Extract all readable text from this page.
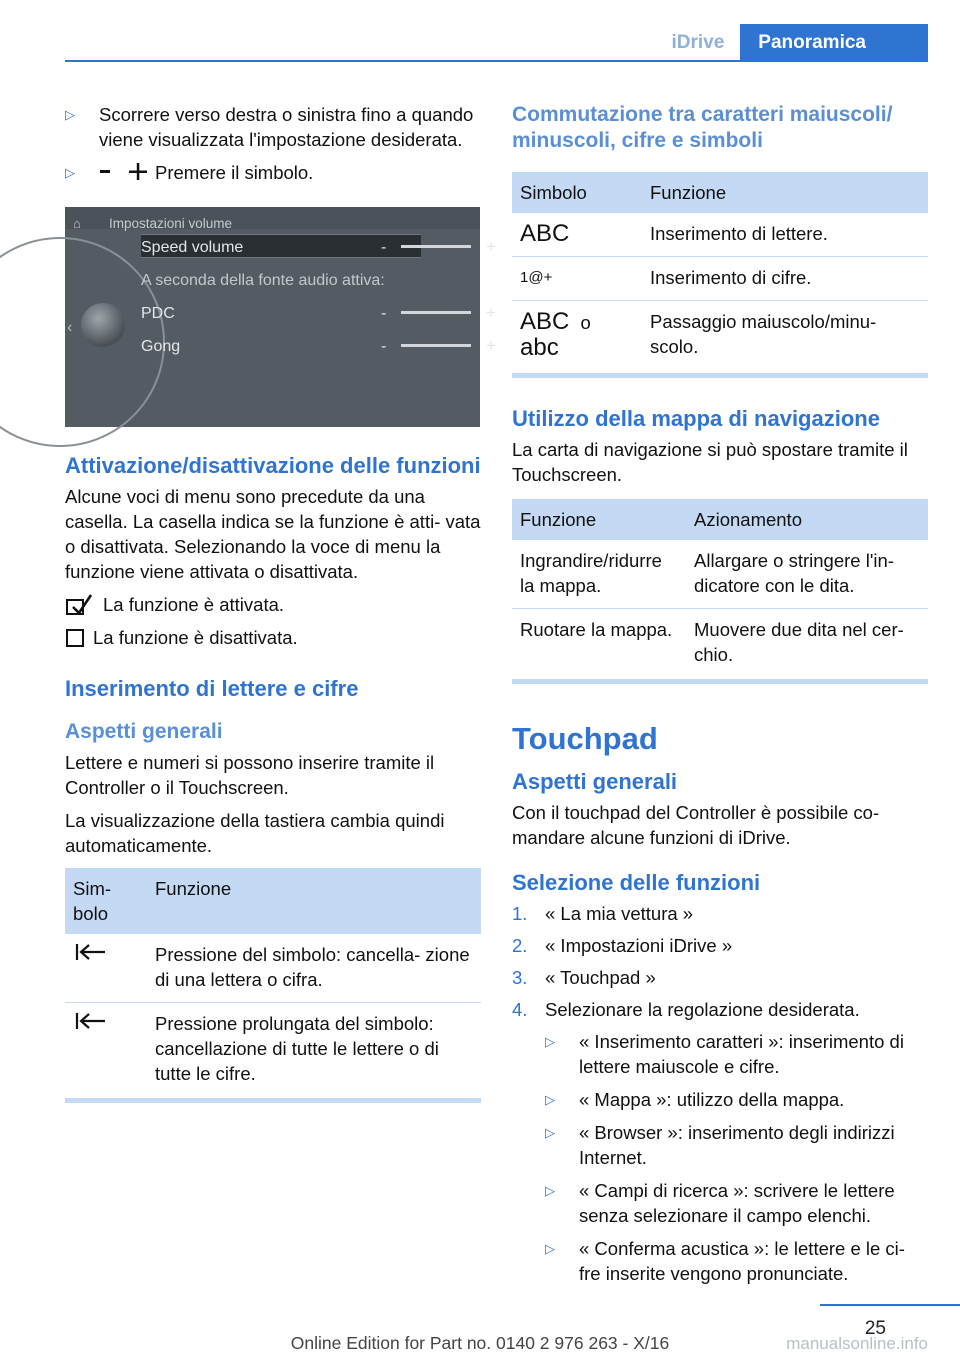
iDrive	Panoramica
▷	Scorrere verso destra o sinistra fino a quando viene visualizzata l'impostazione desiderata.
▷	Premere il simbolo.
⌂ Impostazioni volume
‹
Speed volume	-	+
A seconda della fonte audio attiva:
PDC	-	+
Gong	-	+
Attivazione/disattivazione delle funzioni

Alcune voci di menu sono precedute da una casella. La casella indica se la funzione è atti- vata o disattivata. Selezionando la voce di menu la funzione viene attivata o disattivata.

La funzione è attivata.
La funzione è disattivata.
Inserimento di lettere e cifre
Aspetti generali

Lettere e numeri si possono inserire tramite il Controller o il Touchscreen.

La visualizzazione della tastiera cambia quindi automaticamente.

Sim- bolo	Funzione
	Pressione del simbolo: cancella- zione di una lettera o cifra.
	Pressione prolungata del simbolo: cancellazione di tutte le lettere o di tutte le cifre.
Commutazione tra caratteri maiuscoli/ minuscoli, cifre e simboli
Simbolo	Funzione
ABC	Inserimento di lettere.
1@+	Inserimento di cifre.
ABC o
abc	Passaggio maiuscolo/minu- scolo.
Utilizzo della mappa di navigazione

La carta di navigazione si può spostare tramite il Touchscreen.

Funzione	Azionamento
Ingrandire/ridurre la mappa.	Allargare o stringere l'in- dicatore con le dita.
Ruotare la mappa.	Muovere due dita nel cer- chio.
Touchpad
Aspetti generali

Con il touchpad del Controller è possibile co- mandare alcune funzioni di iDrive.

Selezione delle funzioni
1. « La mia vettura »
2. « Impostazioni iDrive »
3. « Touchpad »
4. Selezionare la regolazione desiderata.
▷	« Inserimento caratteri »: inserimento di lettere maiuscole e cifre.
▷	« Mappa »: utilizzo della mappa.
▷	« Browser »: inserimento degli indirizzi Internet.
▷	« Campi di ricerca »: scrivere le lettere senza selezionare il campo elenchi.
▷	« Conferma acustica »: le lettere e le ci- fre inserite vengono pronunciate.
25
Online Edition for Part no. 0140 2 976 263 - X/16	manualsonline.info
